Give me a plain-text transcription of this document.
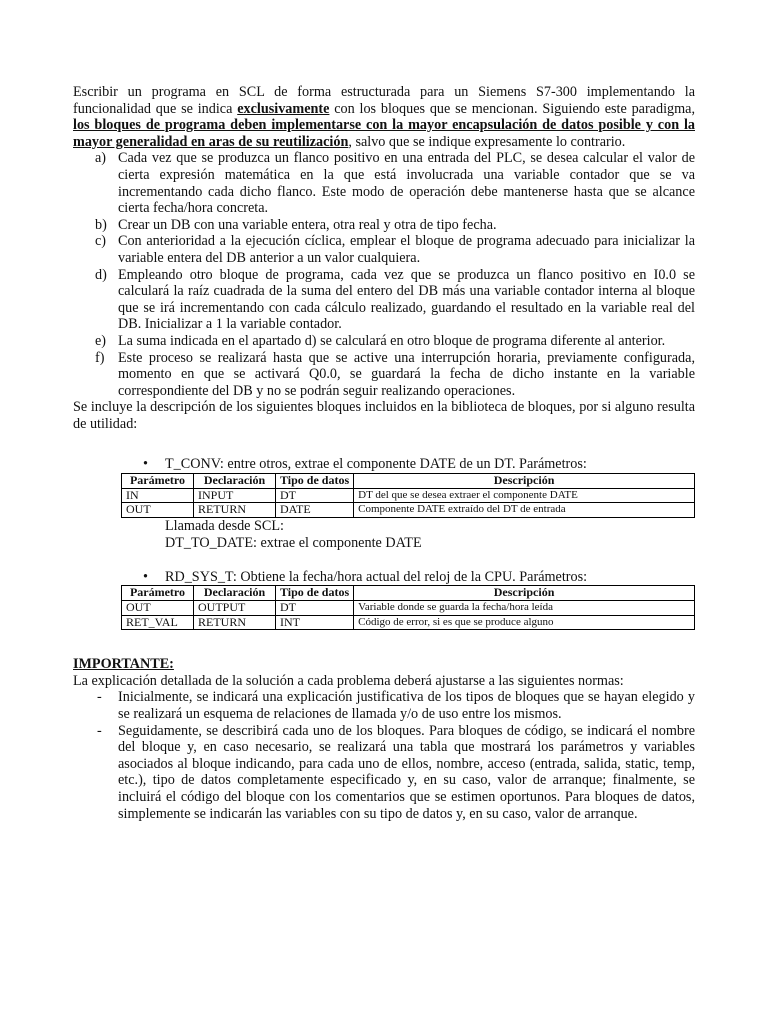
Escribir un programa en SCL de forma estructurada para un Siemens S7-300 implementando la funcionalidad que se indica exclusivamente con los bloques que se mencionan. Siguiendo este paradigma, los bloques de programa deben implementarse con la mayor encapsulación de datos posible y con la mayor generalidad en aras de su reutilización, salvo que se indique expresamente lo contrario.

a) Cada vez que se produzca un flanco positivo en una entrada del PLC, se desea calcular el valor de cierta expresión matemática en la que está involucrada una variable contador que se va incrementando cada dicho flanco. Este modo de operación debe mantenerse hasta que se alcance cierta fecha/hora concreta.
b) Crear un DB con una variable entera, otra real y otra de tipo fecha.
c) Con anterioridad a la ejecución cíclica, emplear el bloque de programa adecuado para inicializar la variable entera del DB anterior a un valor cualquiera.
d) Empleando otro bloque de programa, cada vez que se produzca un flanco positivo en I0.0 se calculará la raíz cuadrada de la suma del entero del DB más una variable contador interna al bloque que se irá incrementando con cada cálculo realizado, guardando el resultado en la variable real del DB. Inicializar a 1 la variable contador.
e) La suma indicada en el apartado d) se calculará en otro bloque de programa diferente al anterior.
f) Este proceso se realizará hasta que se active una interrupción horaria, previamente configurada, momento en que se activará Q0.0, se guardará la fecha de dicho instante en la variable correspondiente del DB y no se podrán seguir realizando operaciones.

Se incluye la descripción de los siguientes bloques incluidos en la biblioteca de bloques, por si alguno resulta de utilidad:

• T_CONV: entre otros, extrae el componente DATE de un DT. Parámetros:
Parámetro	Declaración	Tipo de datos	Descripción
IN	INPUT	DT	DT del que se desea extraer el componente DATE
OUT	RETURN	DATE	Componente DATE extraído del DT de entrada
Llamada desde SCL:
DT_TO_DATE: extrae el componente DATE
• RD_SYS_T: Obtiene la fecha/hora actual del reloj de la CPU. Parámetros:
Parámetro	Declaración	Tipo de datos	Descripción
OUT	OUTPUT	DT	Variable donde se guarda la fecha/hora leída
RET_VAL	RETURN	INT	Código de error, si es que se produce alguno
IMPORTANTE:

La explicación detallada de la solución a cada problema deberá ajustarse a las siguientes normas:

- Inicialmente, se indicará una explicación justificativa de los tipos de bloques que se hayan elegido y se realizará un esquema de relaciones de llamada y/o de uso entre los mismos.
- Seguidamente, se describirá cada uno de los bloques. Para bloques de código, se indicará el nombre del bloque y, en caso necesario, se realizará una tabla que mostrará los parámetros y variables asociados al bloque indicando, para cada uno de ellos, nombre, acceso (entrada, salida, static, temp, etc.), tipo de datos completamente especificado y, en su caso, valor de arranque; finalmente, se incluirá el código del bloque con los comentarios que se estimen oportunos. Para bloques de datos, simplemente se indicarán las variables con su tipo de datos y, en su caso, valor de arranque.
